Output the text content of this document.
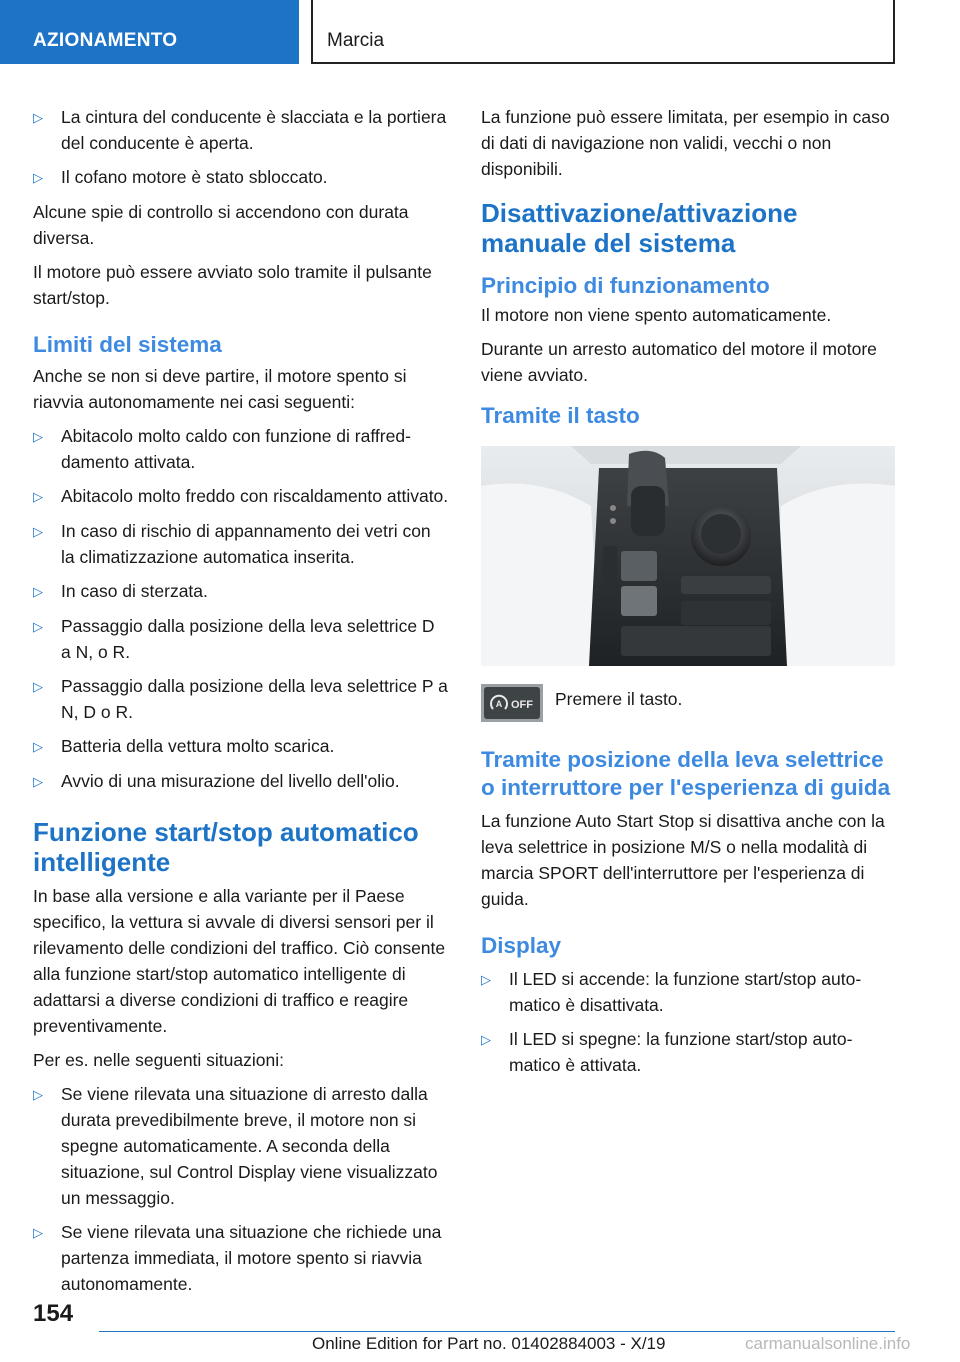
AZIONAMENTO	Marcia
▷	La cintura del conducente è slacciata e la portiera del conducente è aperta.
▷	Il cofano motore è stato sbloccato.

Alcune spie di controllo si accendono con durata diversa.

Il motore può essere avviato solo tramite il pulsante start/stop.

Limiti del sistema

Anche se non si deve partire, il motore spento si riavvia autonomamente nei casi seguenti:

▷	Abitacolo molto caldo con funzione di raffreddamento attivata.
▷	Abitacolo molto freddo con riscaldamento attivato.
▷	In caso di rischio di appannamento dei vetri con la climatizzazione automatica inserita.
▷	In caso di sterzata.
▷	Passaggio dalla posizione della leva selettrice D a N, o R.
▷	Passaggio dalla posizione della leva selettrice P a N, D o R.
▷	Batteria della vettura molto scarica.
▷	Avvio di una misurazione del livello dell'olio.
Funzione start/stop automatico intelligente

In base alla versione e alla variante per il Paese specifico, la vettura si avvale di diversi sensori per il rilevamento delle condizioni del traffico. Ciò consente alla funzione start/stop automatico intelligente di adattarsi a diverse condizioni di traffico e reagire preventivamente.

Per es. nelle seguenti situazioni:

▷	Se viene rilevata una situazione di arresto dalla durata prevedibilmente breve, il motore non si spegne automaticamente. A seconda della situazione, sul Control Display viene visualizzato un messaggio.
▷	Se viene rilevata una situazione che richiede una partenza immediata, il motore spento si riavvia autonomamente.

La funzione può essere limitata, per esempio in caso di dati di navigazione non validi, vecchi o non disponibili.

Disattivazione/attivazione manuale del sistema
Principio di funzionamento

Il motore non viene spento automaticamente.

Durante un arresto automatico del motore il motore viene avviato.

Tramite il tasto
A OFF Premere il tasto.
Tramite posizione della leva selettrice o interruttore per l'esperienza di guida

La funzione Auto Start Stop si disattiva anche con la leva selettrice in posizione M/S o nella modalità di marcia SPORT dell'interruttore per l'esperienza di guida.

Display
▷	Il LED si accende: la funzione start/stop automatico è disattivata.
▷	Il LED si spegne: la funzione start/stop automatico è attivata.
154
Online Edition for Part no. 01402884003 - X/19	carmanualsonline.info
